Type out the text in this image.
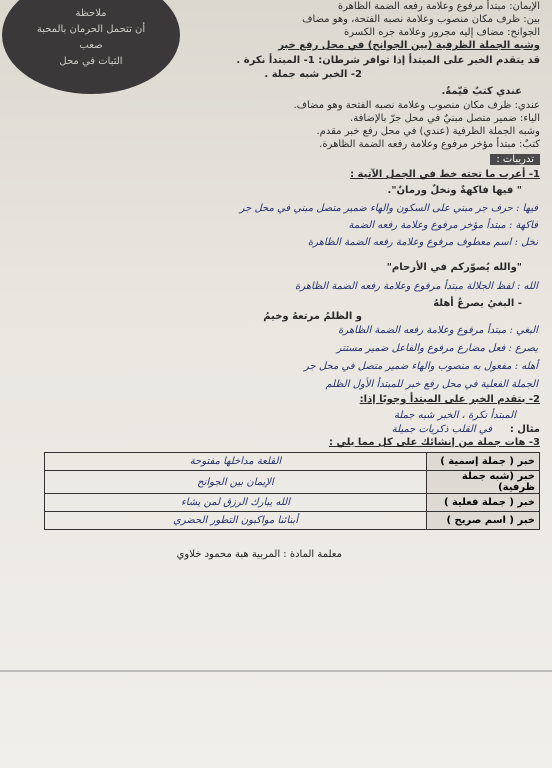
ملاحظة
أن تتحمل الحرمان بالمحبة
صعب
الثبات في محل
الإيمان: مبتدأ مرفوع وعلامة رفعه الضمة الظاهرة
بين: ظرف مكان منصوب وعلامة نصبه الفتحة، وهو مضاف
الجوانح: مضاف إليه مجرور وعلامة جره الكسرة
وشبه الجملة الظرفية (بين الجوانح) في محل رفع خبر
قد يتقدم الخبر على المبتدأ إذا توافر شرطان: 1- المبتدأ نكرة .
2- الخبر شبه جملة .
عندي كتبٌ قيّمةٌ.
عندي: ظرف مكان منصوب وعلامة نصبه الفتحة وهو مضاف.
الياء: ضمير متصل مبنيٌ في محل جرّ بالإضافة.
وشبه الجملة الظرفية (عندي) في محل رفع خبر مقدم.
كتبٌ: مبتدأ مؤخر مرفوع وعلامة رفعه الضمة الظاهرة.
تدريبات :
1- أعرب ما تحته خط في الجمل الآتية :
" فيها فاكهةٌ ونخلٌ ورمانٌ".
فيها : حرف جر مبني على السكون والهاء ضمير متصل مبني في محل جر
فاكهة : مبتدأ مؤخر مرفوع وعلامة رفعه الضمة
نخل : اسم معطوف مرفوع وعلامة رفعه الضمة الظاهرة
"والله يُصوّركم في الأرحام"
الله : لفظ الجلالة مبتدأ مرفوع وعلامة رفعه الضمة الظاهرة
- البغيُ يصرعُ أهلهُ
و الظلمُ مرتعهُ وخيمُ
البغي : مبتدأ مرفوع وعلامة رفعه الضمة الظاهرة
يصرع : فعل مضارع مرفوع والفاعل ضمير مستتر
أهله : مفعول به منصوب والهاء ضمير متصل في محل جر
الجملة الفعلية في محل رفع خبر للمبتدأ الأول الظلم
2- يتقدم الخبر على المبتدأ وجوبًا إذا:
المبتدأ نكرة ، الخبر شبه جملة
مثال :
في القلب ذكريات جميلة
3- هات جملة من إنشائك على كل مما يلي :
خبر ( جملة إسمية )	القلعة مداخلها مفتوحة
خبر (شبه جملة ظرفية)	الإيمان بين الجوانح
خبر ( جملة فعلية )	الله يبارك الرزق لمن يشاء
خبر ( اسم صريح )	أبنائنا مواكبون التطور الحضري
معلمة المادة : المربية هبة محمود خلاوي
